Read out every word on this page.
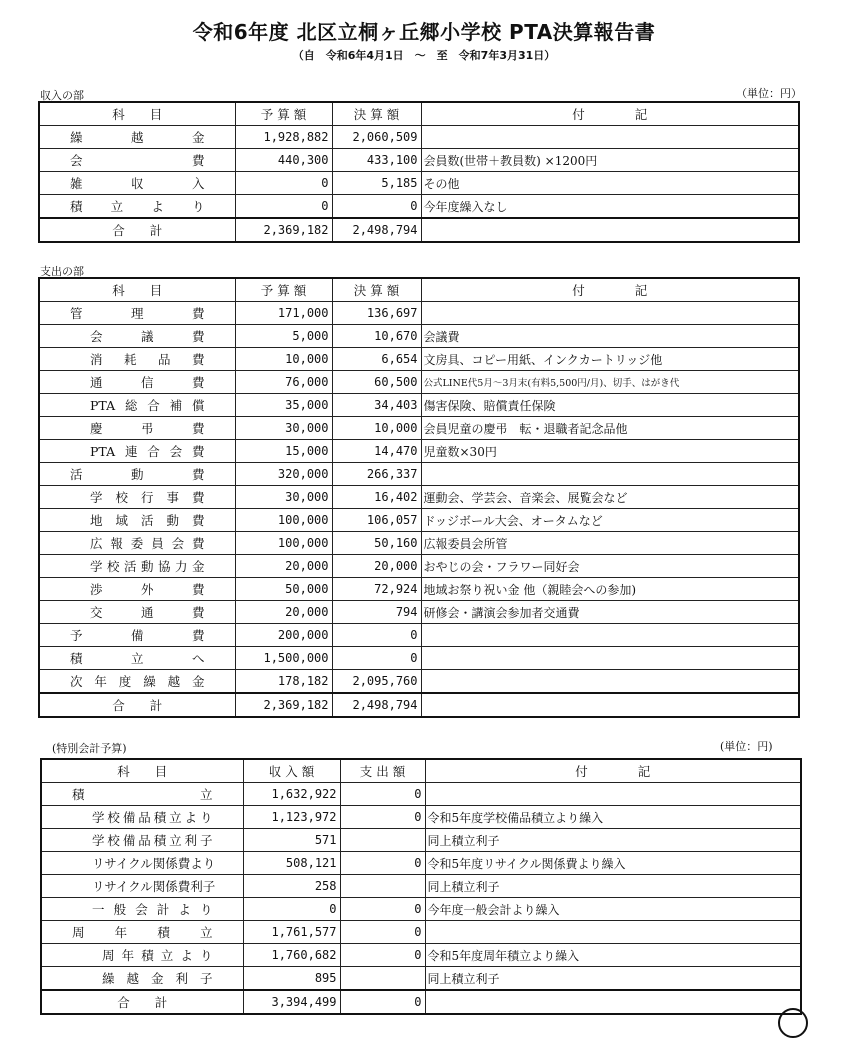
令和6年度 北区立桐ヶ丘郷小学校 PTA決算報告書
（自　令和6年4月1日　～　至　令和7年3月31日）
収入の部	（単位：円）
科　　目	予 算 額	決 算 額	付　　　　記
繰越金	1,928,882	2,060,509	
会費	440,300	433,100	会員数(世帯＋教員数) ×1200円
雑収入	0	5,185	その他
積立より	0	0	今年度繰入なし
合　　計	2,369,182	2,498,794	
支出の部
科　　目	予 算 額	決 算 額	付　　　　記
管理費	171,000	136,697	
会議費	5,000	10,670	会議費
消耗品費	10,000	6,654	文房具、コピー用紙、インクカートリッジ他
通信費	76,000	60,500	公式LINE代5月～3月末(有料5,500円/月)、切手、はがき代
PTA総合補償	35,000	34,403	傷害保険、賠償責任保険
慶弔費	30,000	10,000	会員児童の慶弔　転・退職者記念品他
PTA連合会費	15,000	14,470	児童数×30円
活動費	320,000	266,337	
学校行事費	30,000	16,402	運動会、学芸会、音楽会、展覧会など
地域活動費	100,000	106,057	ドッジボール大会、オータムなど
広報委員会費	100,000	50,160	広報委員会所管
学校活動協力金	20,000	20,000	おやじの会・フラワー同好会
渉外費	50,000	72,924	地域お祭り祝い金 他（親睦会への参加)
交通費	20,000	794	研修会・講演会参加者交通費
予備費	200,000	0	
積立へ	1,500,000	0	
次年度繰越金	178,182	2,095,760	
合　　計	2,369,182	2,498,794	
(特別会計予算)	(単位：円)
科　　目	収 入 額	支 出 額	付　　　　記
積立	1,632,922	0	
学校備品積立より	1,123,972	0	令和5年度学校備品積立より繰入
学校備品積立利子	571		同上積立利子
リサイクル関係費より	508,121	0	令和5年度リサイクル関係費より繰入
リサイクル関係費利子	258		同上積立利子
一般会計より	0	0	今年度一般会計より繰入
周年積立	1,761,577	0	
周年積立より	1,760,682	0	令和5年度周年積立より繰入
繰越金利子	895		同上積立利子
合　　計	3,394,499	0	
